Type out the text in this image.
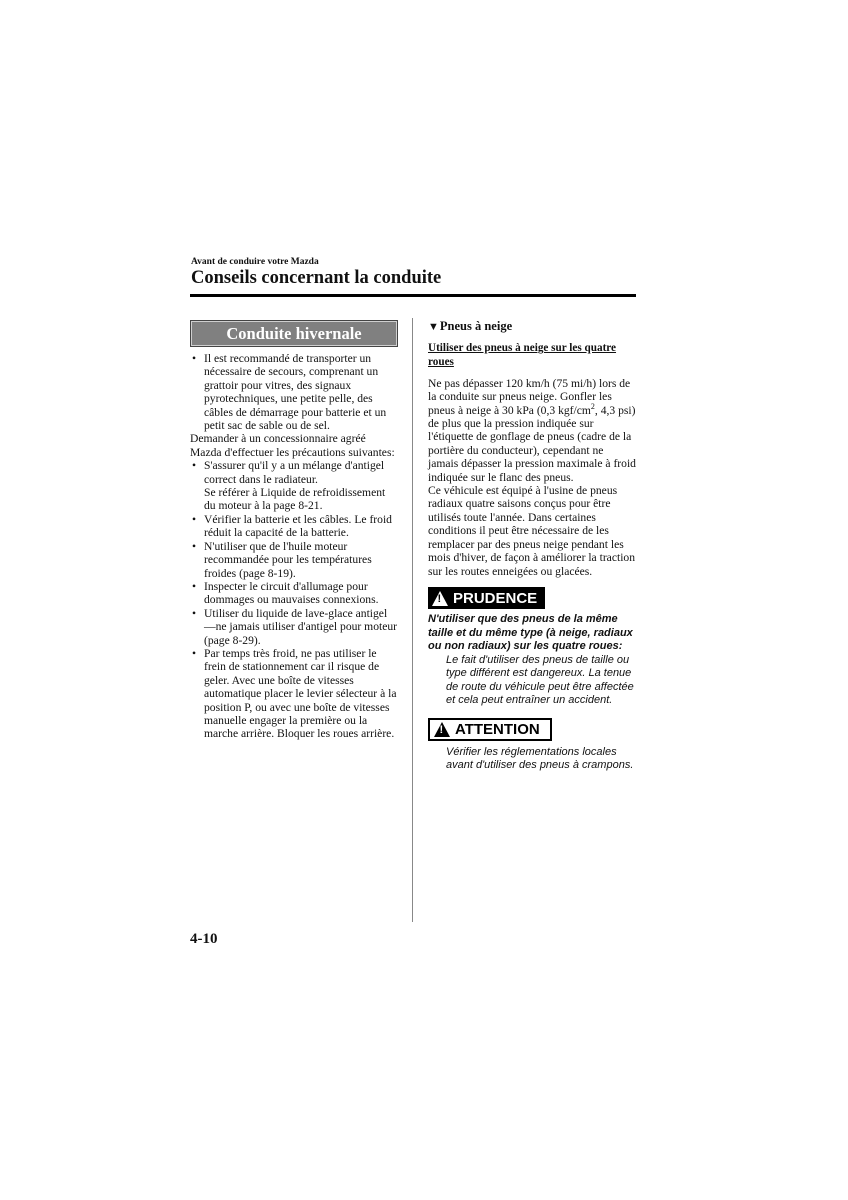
Avant de conduire votre Mazda
Conseils concernant la conduite
Conduite hivernale
• Il est recommandé de transporter un nécessaire de secours, comprenant un grattoir pour vitres, des signaux pyrotechniques, une petite pelle, des câbles de démarrage pour batterie et un petit sac de sable ou de sel.

Demander à un concessionnaire agréé Mazda d'effectuer les précautions suivantes:

• S'assurer qu'il y a un mélange d'antigel correct dans le radiateur.
Se référer à Liquide de refroidissement du moteur à la page 8-21.
• Vérifier la batterie et les câbles. Le froid réduit la capacité de la batterie.
• N'utiliser que de l'huile moteur recommandée pour les températures froides (page 8-19).
• Inspecter le circuit d'allumage pour dommages ou mauvaises connexions.
• Utiliser du liquide de lave-glace antigel—ne jamais utiliser d'antigel pour moteur (page 8-29).
• Par temps très froid, ne pas utiliser le frein de stationnement car il risque de geler. Avec une boîte de vitesses automatique placer le levier sélecteur à la position P, ou avec une boîte de vitesses manuelle engager la première ou la marche arrière. Bloquer les roues arrière.
▼Pneus à neige
Utiliser des pneus à neige sur les quatre roues

Ne pas dépasser 120 km/h (75 mi/h) lors de la conduite sur pneus neige. Gonfler les pneus à neige à 30 kPa (0,3 kgf/$cm^2$, 4,3 psi) de plus que la pression indiquée sur l'étiquette de gonflage de pneus (cadre de la portière du conducteur), cependant ne jamais dépasser la pression maximale à froid indiquée sur le flanc des pneus.

Ce véhicule est équipé à l'usine de pneus radiaux quatre saisons conçus pour être utilisés toute l'année. Dans certaines conditions il peut être nécessaire de les remplacer par des pneus neige pendant les mois d'hiver, de façon à améliorer la traction sur les routes enneigées ou glacées.

!
PRUDENCE
N'utiliser que des pneus de la même taille et du même type (à neige, radiaux ou non radiaux) sur les quatre roues:

Le fait d'utiliser des pneus de taille ou type différent est dangereux. La tenue de route du véhicule peut être affectée et cela peut entraîner un accident.

!
ATTENTION
Vérifier les réglementations locales avant d'utiliser des pneus à crampons.
4-10
